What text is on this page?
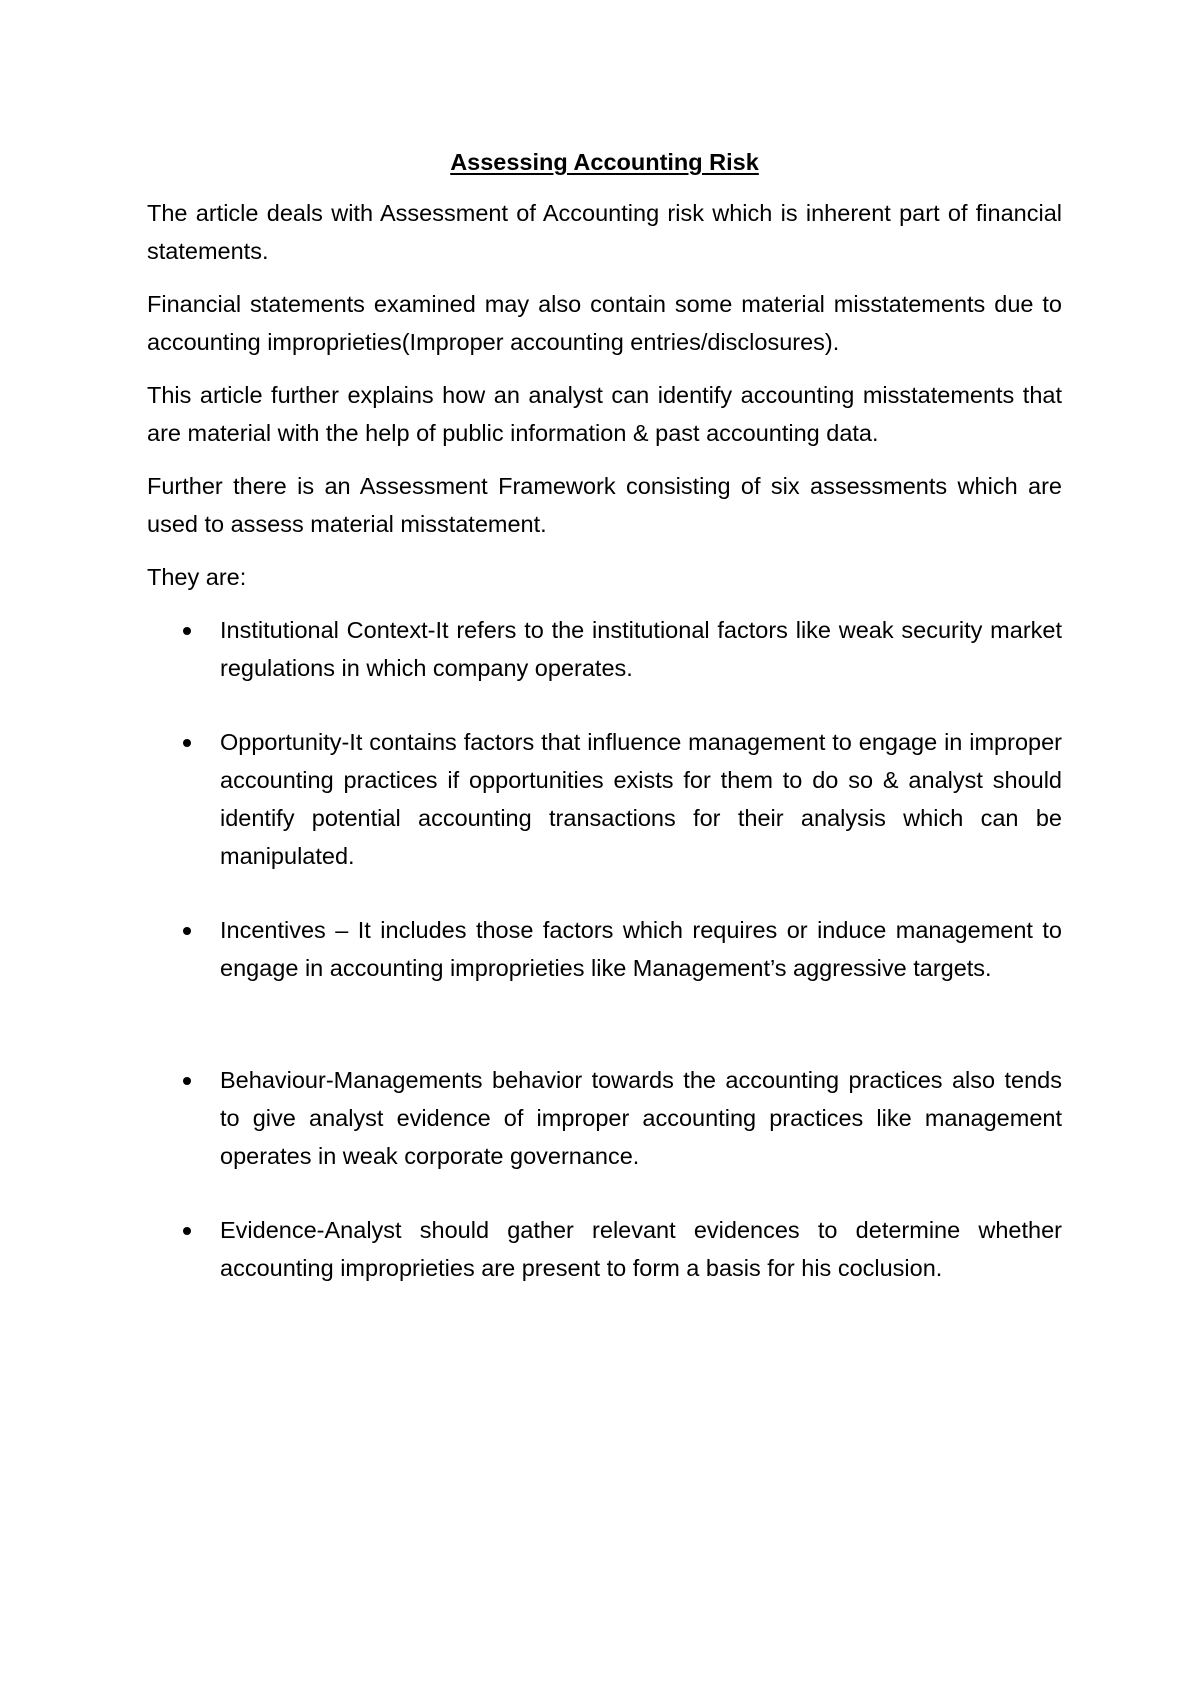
Assessing Accounting Risk

The article deals with Assessment of Accounting risk which is inherent part of financial statements.

Financial statements examined may also contain some material misstatements due to accounting improprieties(Improper accounting entries/disclosures).

This article further explains how an analyst can identify accounting misstatements that are material with the help of public information & past accounting data.

Further there is an Assessment Framework consisting of six assessments which are used to assess material misstatement.

They are:

Institutional Context-It refers to the institutional factors like weak security market regulations in which company operates.
Opportunity-It contains factors that influence management to engage in improper accounting practices if opportunities exists for them to do so & analyst should identify potential accounting transactions for their analysis which can be manipulated.
Incentives – It includes those factors which requires or induce management to engage in accounting improprieties like Management’s aggressive targets.
Behaviour-Managements behavior towards the accounting practices also tends to give analyst evidence of improper accounting practices like management operates in weak corporate governance.
Evidence-Analyst should gather relevant evidences to determine whether accounting improprieties are present to form a basis for his coclusion.
